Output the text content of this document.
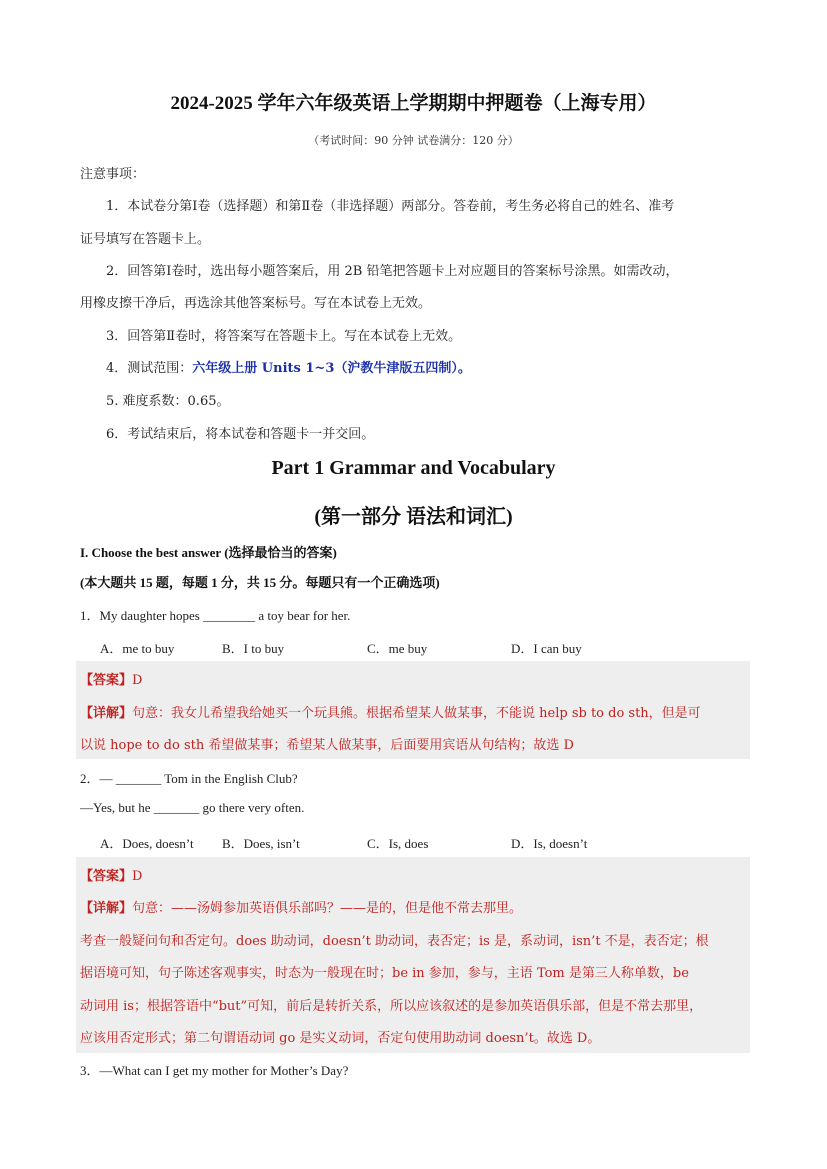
2024-2025 学年六年级英语上学期期中押题卷（上海专用）
（考试时间：90 分钟 试卷满分：120 分）
注意事项：
1．本试卷分第Ⅰ卷（选择题）和第Ⅱ卷（非选择题）两部分。答卷前，考生务必将自己的姓名、准考
证号填写在答题卡上。
2．回答第Ⅰ卷时，选出每小题答案后，用 2B 铅笔把答题卡上对应题目的答案标号涂黑。如需改动，
用橡皮擦干净后，再选涂其他答案标号。写在本试卷上无效。
3．回答第Ⅱ卷时，将答案写在答题卡上。写在本试卷上无效。
4．测试范围：六年级上册 Units 1~3（沪教牛津版五四制）。
5. 难度系数：0.65。
6．考试结束后，将本试卷和答题卡一并交回。
Part 1 Grammar and Vocabulary
(第一部分 语法和词汇)
I. Choose the best answer (选择最恰当的答案)
(本大题共 15 题，每题 1 分，共 15 分。每题只有一个正确选项)
1．My daughter hopes ________ a toy bear for her.
A．me to buy	B．I to buy	C．me buy	D．I can buy
【答案】D
【详解】句意：我女儿希望我给她买一个玩具熊。根据希望某人做某事，不能说 help sb to do sth，但是可
以说 hope to do sth 希望做某事；希望某人做某事，后面要用宾语从句结构；故选 D
2．— _______ Tom in the English Club?
—Yes, but he _______ go there very often.
A．Does, doesn’t B．Does, isn’t	C．Is, does	D．Is, doesn’t
【答案】D
【详解】句意：——汤姆参加英语俱乐部吗？——是的，但是他不常去那里。
考查一般疑问句和否定句。does 助动词，doesn’t 助动词，表否定；is 是，系动词，isn’t 不是，表否定；根
据语境可知，句子陈述客观事实，时态为一般现在时；be in 参加，参与，主语 Tom 是第三人称单数，be
动词用 is；根据答语中“but”可知，前后是转折关系，所以应该叙述的是参加英语俱乐部，但是不常去那里，
应该用否定形式；第二句谓语动词 go 是实义动词，否定句使用助动词 doesn’t。故选 D。
3．—What can I get my mother for Mother’s Day?
